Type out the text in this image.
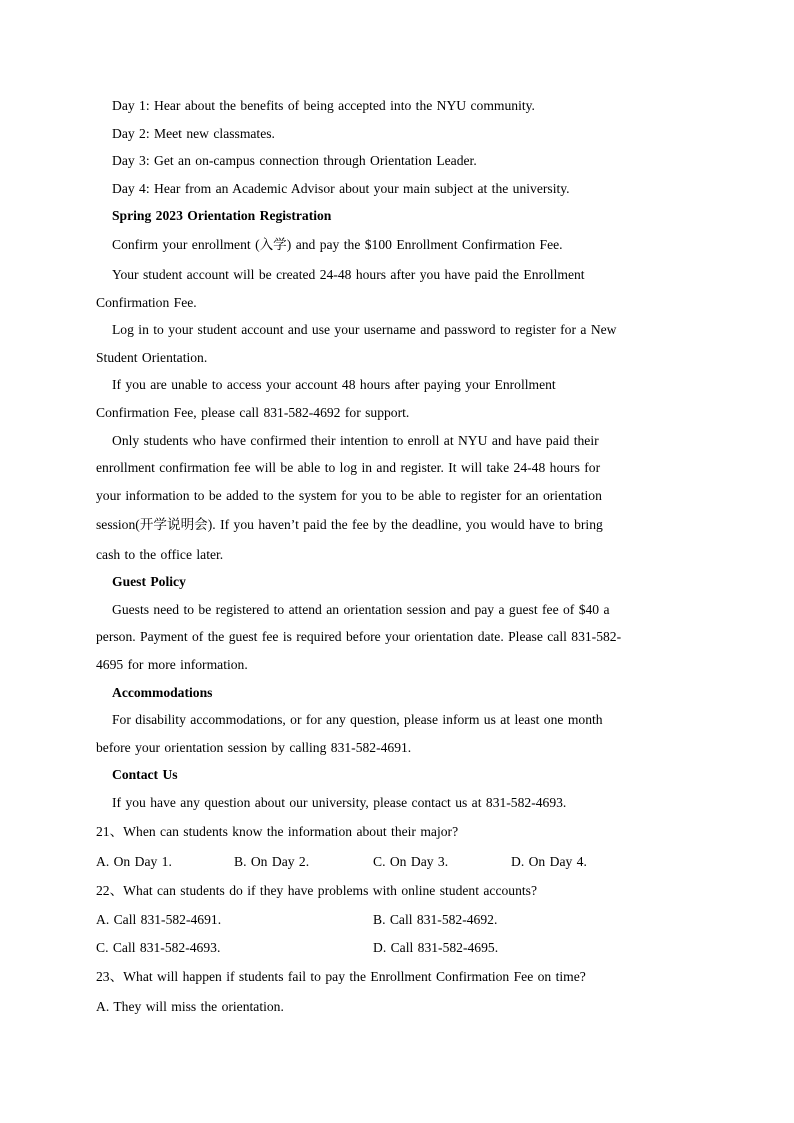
Day 1: Hear about the benefits of being accepted into the NYU community.
Day 2: Meet new classmates.
Day 3: Get an on-campus connection through Orientation Leader.
Day 4: Hear from an Academic Advisor about your main subject at the university.
Spring 2023 Orientation Registration
Confirm your enrollment (入学) and pay the $100 Enrollment Confirmation Fee.
Your student account will be created 24-48 hours after you have paid the Enrollment
Confirmation Fee.
Log in to your student account and use your username and password to register for a New
Student Orientation.
If you are unable to access your account 48 hours after paying your Enrollment
Confirmation Fee, please call 831-582-4692 for support.
Only students who have confirmed their intention to enroll at NYU and have paid their
enrollment confirmation fee will be able to log in and register. It will take 24-48 hours for
your information to be added to the system for you to be able to register for an orientation
session(开学说明会). If you haven’t paid the fee by the deadline, you would have to bring
cash to the office later.
Guest Policy
Guests need to be registered to attend an orientation session and pay a guest fee of $40 a
person. Payment of the guest fee is required before your orientation date. Please call 831-582-
4695 for more information.
Accommodations
For disability accommodations, or for any question, please inform us at least one month
before your orientation session by calling 831-582-4691.
Contact Us
If you have any question about our university, please contact us at 831-582-4693.
21、When can students know the information about their major?
A. On Day 1.	B. On Day 2.	C. On Day 3.	D. On Day 4.
22、What can students do if they have problems with online student accounts?
A. Call 831-582-4691.	B. Call 831-582-4692.
C. Call 831-582-4693.	D. Call 831-582-4695.
23、What will happen if students fail to pay the Enrollment Confirmation Fee on time?
A. They will miss the orientation.
